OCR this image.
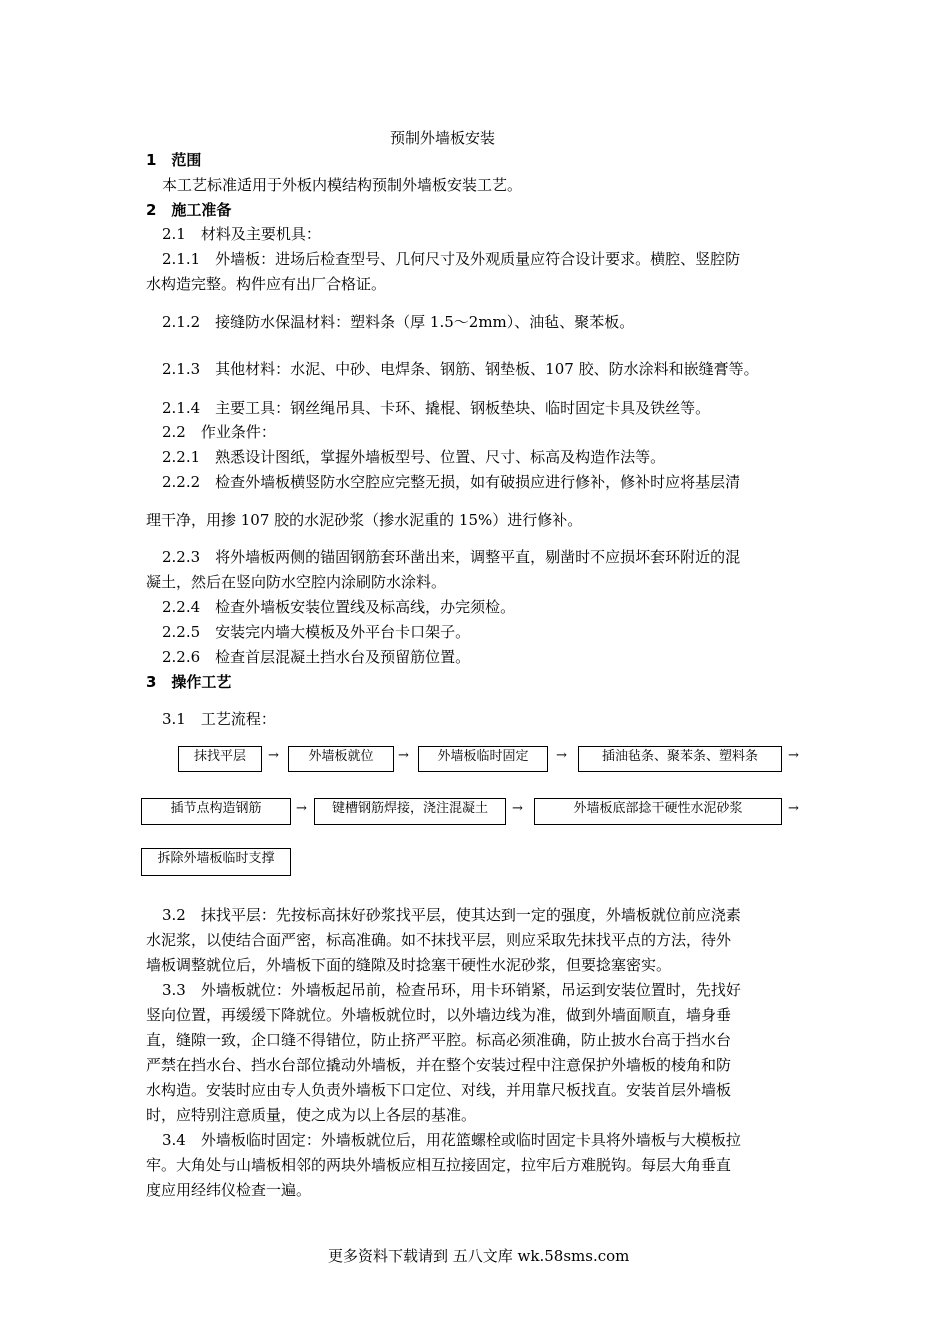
预制外墙板安装
1　范围
本工艺标准适用于外板内模结构预制外墙板安装工艺。
2　施工准备
2.1　材料及主要机具：
2.1.1　外墙板：进场后检查型号、几何尺寸及外观质量应符合设计要求。横腔、竖腔防
水构造完整。构件应有出厂合格证。
2.1.2　接缝防水保温材料：塑料条（厚 1.5～2mm）、油毡、聚苯板。
2.1.3　其他材料：水泥、中砂、电焊条、钢筋、钢垫板、107 胶、防水涂料和嵌缝膏等。
2.1.4　主要工具：钢丝绳吊具、卡环、撬棍、钢板垫块、临时固定卡具及铁丝等。
2.2　作业条件：
2.2.1　熟悉设计图纸，掌握外墙板型号、位置、尺寸、标高及构造作法等。
2.2.2　检查外墙板横竖防水空腔应完整无损，如有破损应进行修补，修补时应将基层清
理干净，用掺 107 胶的水泥砂浆（掺水泥重的 15%）进行修补。
2.2.3　将外墙板两侧的锚固钢筋套环凿出来，调整平直，剔凿时不应损坏套环附近的混
凝土，然后在竖向防水空腔内涂刷防水涂料。
2.2.4　检查外墙板安装位置线及标高线，办完须检。
2.2.5　安装完内墙大模板及外平台卡口架子。
2.2.6　检查首层混凝土挡水台及预留筋位置。
3　操作工艺
3.1　工艺流程：
抹找平层	→	外墙板就位	→	外墙板临时固定	→	插油毡条、聚苯条、塑料条	→
插节点构造钢筋	→	键槽钢筋焊接，浇注混凝土	→	外墙板底部捻干硬性水泥砂浆	→
拆除外墙板临时支撑
3.2　抹找平层：先按标高抹好砂浆找平层，使其达到一定的强度，外墙板就位前应浇素
水泥浆，以使结合面严密，标高准确。如不抹找平层，则应采取先抹找平点的方法，待外
墙板调整就位后，外墙板下面的缝隙及时捻塞干硬性水泥砂浆，但要捻塞密实。
3.3　外墙板就位：外墙板起吊前，检查吊环，用卡环销紧，吊运到安装位置时，先找好
竖向位置，再缓缓下降就位。外墙板就位时，以外墙边线为准，做到外墙面顺直，墙身垂
直，缝隙一致，企口缝不得错位，防止挤严平腔。标高必须准确，防止披水台高于挡水台
严禁在挡水台、挡水台部位撬动外墙板，并在整个安装过程中注意保护外墙板的棱角和防
水构造。安装时应由专人负责外墙板下口定位、对线，并用靠尺板找直。安装首层外墙板
时，应特别注意质量，使之成为以上各层的基准。
3.4　外墙板临时固定：外墙板就位后，用花篮螺栓或临时固定卡具将外墙板与大模板拉
牢。大角处与山墙板相邻的两块外墙板应相互拉接固定，拉牢后方难脱钩。每层大角垂直
度应用经纬仪检查一遍。
更多资料下载请到 五八文库 wk.58sms.com
